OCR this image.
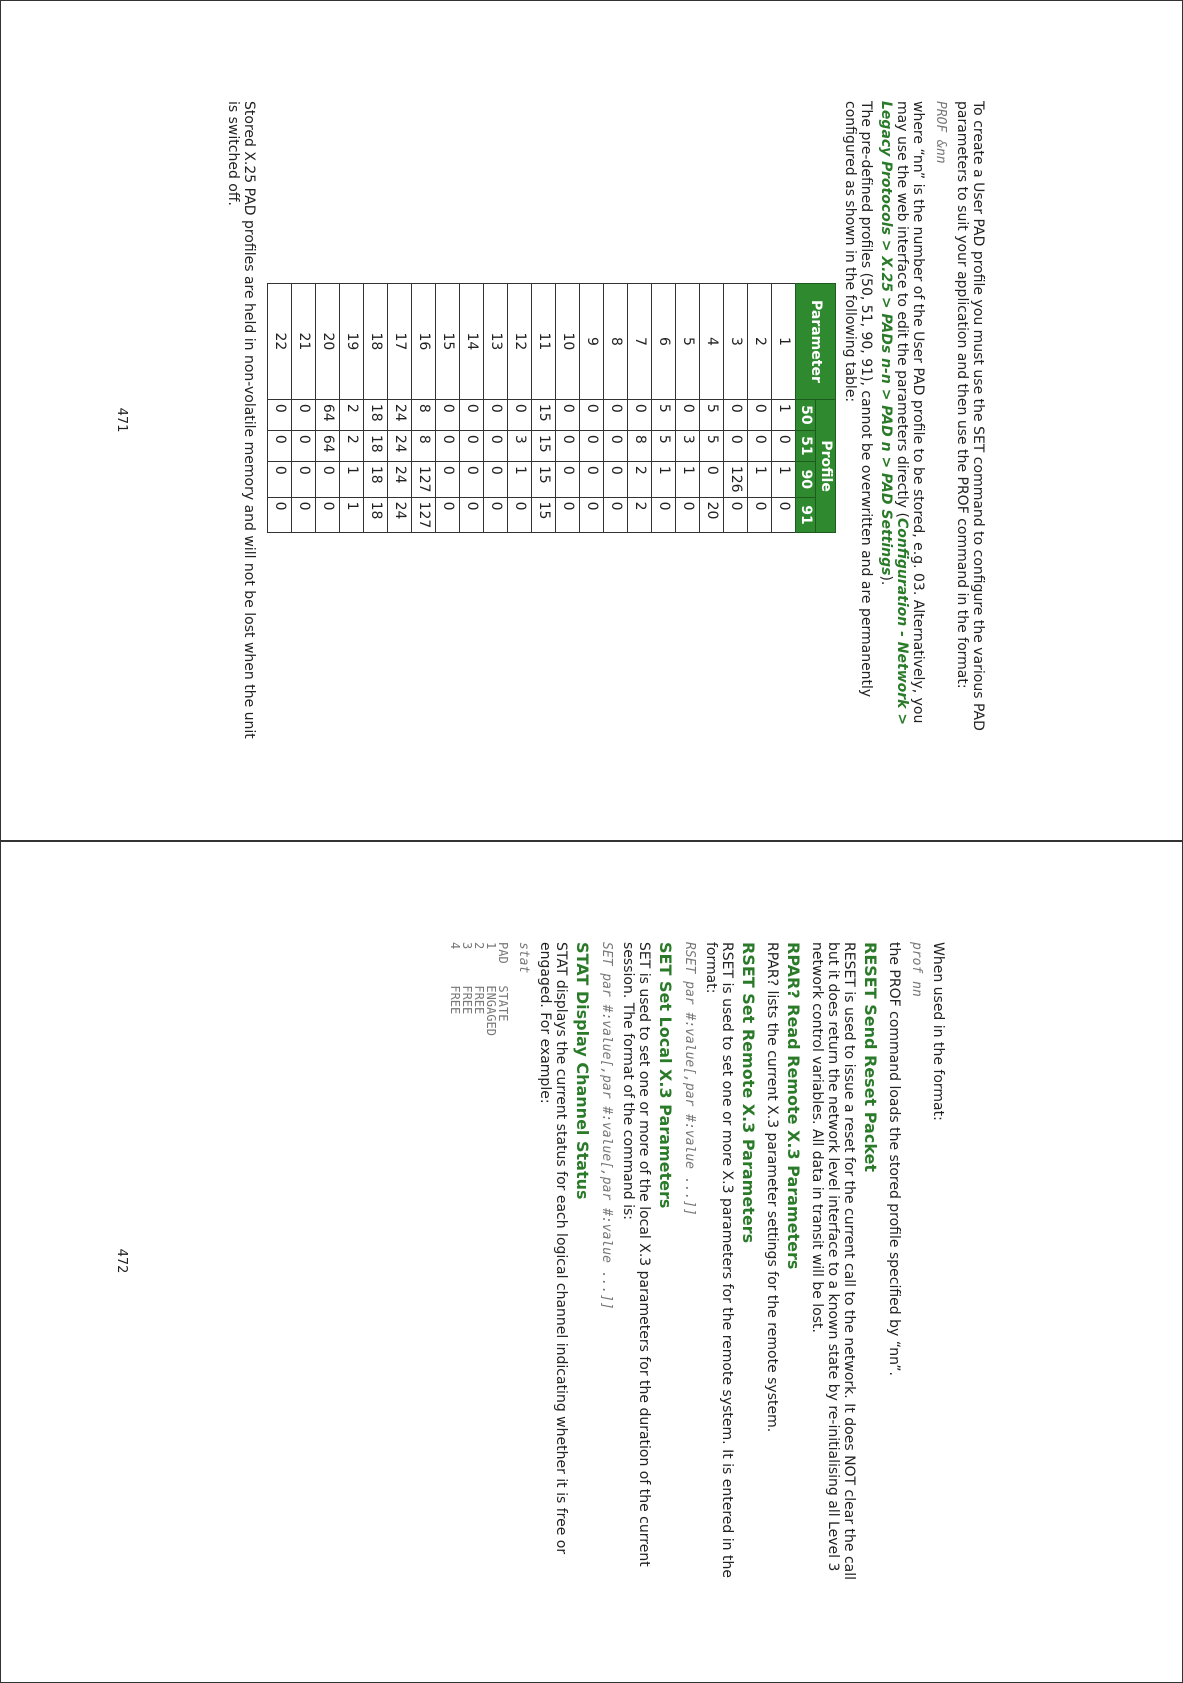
To create a User PAD profile you must use the SET command to configure the various PAD parameters to suit your application and then use the PROF command in the format:

PROF &nn

where “nn” is the number of the User PAD profile to be stored, e.g. 03. Alternatively, you may use the web interface to edit the parameters directly (Configuration - Network > Legacy Protocols > X.25 > PADs n-n > PAD n > PAD Settings).

The pre-defined profiles (50, 51, 90, 91), cannot be overwritten and are permanently configured as shown in the following table:

Parameter	Profile			
	50	51	90	91
1	1	0	1	0
2	0	0	1	0
3	0	0	126	0
4	5	5	0	20
5	0	3	1	0
6	5	5	1	0
7	0	8	2	2
8	0	0	0	0
9	0	0	0	0
10	0	0	0	0
11	15	15	15	15
12	0	3	1	0
13	0	0	0	0
14	0	0	0	0
15	0	0	0	0
16	8	8	127	127
17	24	24	24	24
18	18	18	18	18
19	2	2	1	1
20	64	64	0	0
21	0	0	0	0
22	0	0	0	0

Stored X.25 PAD profiles are held in non-volatile memory and will not be lost when the unit is switched off.

471

When used in the format:

prof nn

the PROF command loads the stored profile specified by “nn”.

RESET Send Reset Packet

RESET is used to issue a reset for the current call to the network. It does NOT clear the call but it does return the network level interface to a known state by re-initialising all Level 3 network control variables. All data in transit will be lost.

RPAR? Read Remote X.3 Parameters

RPAR? lists the current X.3 parameter settings for the remote system.

RSET Set Remote X.3 Parameters

RSET is used to set one or more X.3 parameters for the remote system. It is entered in the format:

RSET par #:value[,par #:value ...]]

SET Set Local X.3 Parameters

SET is used to set one or more of the local X.3 parameters for the duration of the current session. The format of the command is:

SET par #:value[,par #:value[,par #:value ...]]

STAT Display Channel Status

STAT displays the current status for each logical channel indicating whether it is free or engaged. For example:

stat

PAD   STATE
1     ENGAGED
2     FREE
3     FREE
4     FREE
472
